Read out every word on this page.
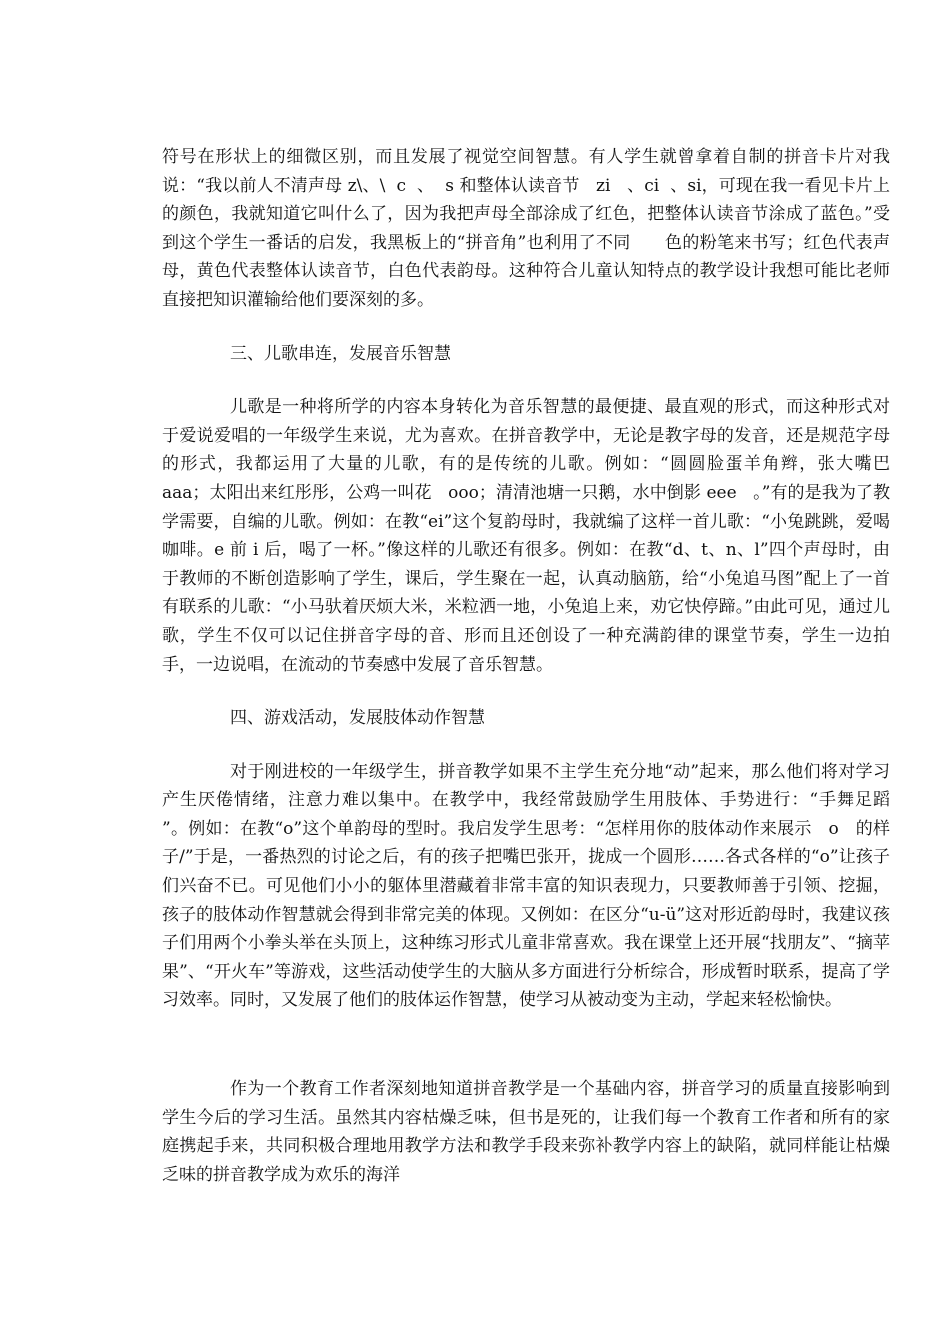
符号在形状上的细微区别，而且发展了视觉空间智慧。有人学生就曾拿着自制的拼音卡片对我说：“我以前人不清声母 z\、\  c  、  s 和整体认读音节   zi   、ci  、si，可现在我一看见卡片上的颜色，我就知道它叫什么了，因为我把声母全部涂成了红色，把整体认读音节涂成了蓝色。”受到这个学生一番话的启发，我黑板上的“拼音角”也利用了不同      色的粉笔来书写；红色代表声母，黄色代表整体认读音节，白色代表韵母。这种符合儿童认知特点的教学设计我想可能比老师直接把知识灌输给他们要深刻的多。

三、儿歌串连，发展音乐智慧

儿歌是一种将所学的内容本身转化为音乐智慧的最便捷、最直观的形式，而这种形式对于爱说爱唱的一年级学生来说，尤为喜欢。在拼音教学中，无论是教字母的发音，还是规范字母的形式，我都运用了大量的儿歌，有的是传统的儿歌。例如：“圆圆脸蛋羊角辫，张大嘴巴   aaa；太阳出来红彤彤，公鸡一叫花   ooo；清清池塘一只鹅，水中倒影 eee   。”有的是我为了教学需要，自编的儿歌。例如：在教“ei”这个复韵母时，我就编了这样一首儿歌：“小兔跳跳，爱喝咖啡。e 前 i 后，喝了一杯。”像这样的儿歌还有很多。例如：在教“d、t、n、l”四个声母时，由于教师的不断创造影响了学生，课后，学生聚在一起，认真动脑筋，给“小兔追马图”配上了一首有联系的儿歌：“小马驮着厌烦大米，米粒洒一地，小兔追上来，劝它快停蹄。”由此可见，通过儿歌，学生不仅可以记住拼音字母的音、形而且还创设了一种充满韵律的课堂节奏，学生一边拍手，一边说唱，在流动的节奏感中发展了音乐智慧。

四、游戏活动，发展肢体动作智慧

对于刚进校的一年级学生，拼音教学如果不主学生充分地“动”起来，那么他们将对学习产生厌倦情绪，注意力难以集中。在教学中，我经常鼓励学生用肢体、手势进行：“手舞足蹈   ”。例如：在教“o”这个单韵母的型时。我启发学生思考：“怎样用你的肢体动作来展示   o   的样子/”于是，一番热烈的讨论之后，有的孩子把嘴巴张开，拢成一个圆形……各式各样的“o”让孩子们兴奋不已。可见他们小小的躯体里潜藏着非常丰富的知识表现力，只要教师善于引领、挖掘，孩子的肢体动作智慧就会得到非常完美的体现。又例如：在区分“u-ü”这对形近韵母时，我建议孩子们用两个小拳头举在头顶上，这种练习形式儿童非常喜欢。我在课堂上还开展“找朋友”、“摘苹果”、“开火车”等游戏，这些活动使学生的大脑从多方面进行分析综合，形成暂时联系，提高了学习效率。同时，又发展了他们的肢体运作智慧，使学习从被动变为主动，学起来轻松愉快。

作为一个教育工作者深刻地知道拼音教学是一个基础内容，拼音学习的质量直接影响到学生今后的学习生活。虽然其内容枯燥乏味，但书是死的，让我们每一个教育工作者和所有的家庭携起手来，共同积极合理地用教学方法和教学手段来弥补教学内容上的缺陷，就同样能让枯燥乏味的拼音教学成为欢乐的海洋
